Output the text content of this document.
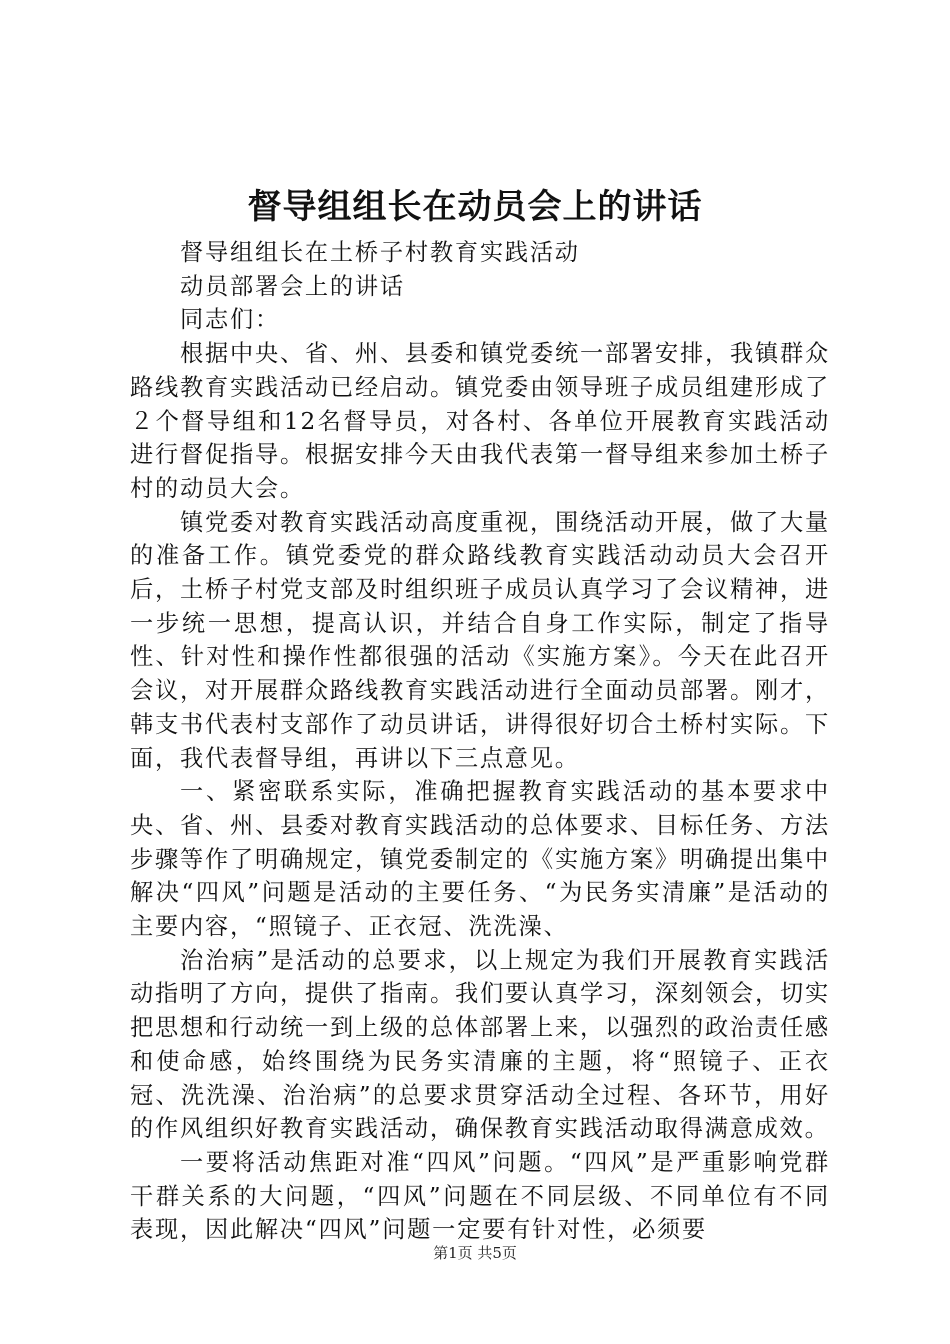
督导组组长在动员会上的讲话

督导组组长在土桥子村教育实践活动

动员部署会上的讲话

同志们：

根据中央、省、州、县委和镇党委统一部署安排，我镇群众路线教育实践活动已经启动。镇党委由领导班子成员组建形成了２个督导组和12名督导员，对各村、各单位开展教育实践活动进行督促指导。根据安排今天由我代表第一督导组来参加土桥子村的动员大会。

镇党委对教育实践活动高度重视，围绕活动开展，做了大量的准备工作。镇党委党的群众路线教育实践活动动员大会召开后，土桥子村党支部及时组织班子成员认真学习了会议精神，进一步统一思想，提高认识，并结合自身工作实际，制定了指导性、针对性和操作性都很强的活动《实施方案》。今天在此召开会议，对开展群众路线教育实践活动进行全面动员部署。刚才，韩支书代表村支部作了动员讲话，讲得很好切合土桥村实际。下面，我代表督导组，再讲以下三点意见。

一、紧密联系实际，准确把握教育实践活动的基本要求中央、省、州、县委对教育实践活动的总体要求、目标任务、方法步骤等作了明确规定，镇党委制定的《实施方案》明确提出集中解决“四风”问题是活动的主要任务、“为民务实清廉”是活动的主要内容，“照镜子、正衣冠、洗洗澡、

治治病”是活动的总要求，以上规定为我们开展教育实践活动指明了方向，提供了指南。我们要认真学习，深刻领会，切实把思想和行动统一到上级的总体部署上来，以强烈的政治责任感和使命感，始终围绕为民务实清廉的主题，将“照镜子、正衣冠、洗洗澡、治治病”的总要求贯穿活动全过程、各环节，用好的作风组织好教育实践活动，确保教育实践活动取得满意成效。

一要将活动焦距对准“四风”问题。“四风”是严重影响党群干群关系的大问题，“四风”问题在不同层级、不同单位有不同表现，因此解决“四风”问题一定要有针对性，必须要

第1页 共5页
